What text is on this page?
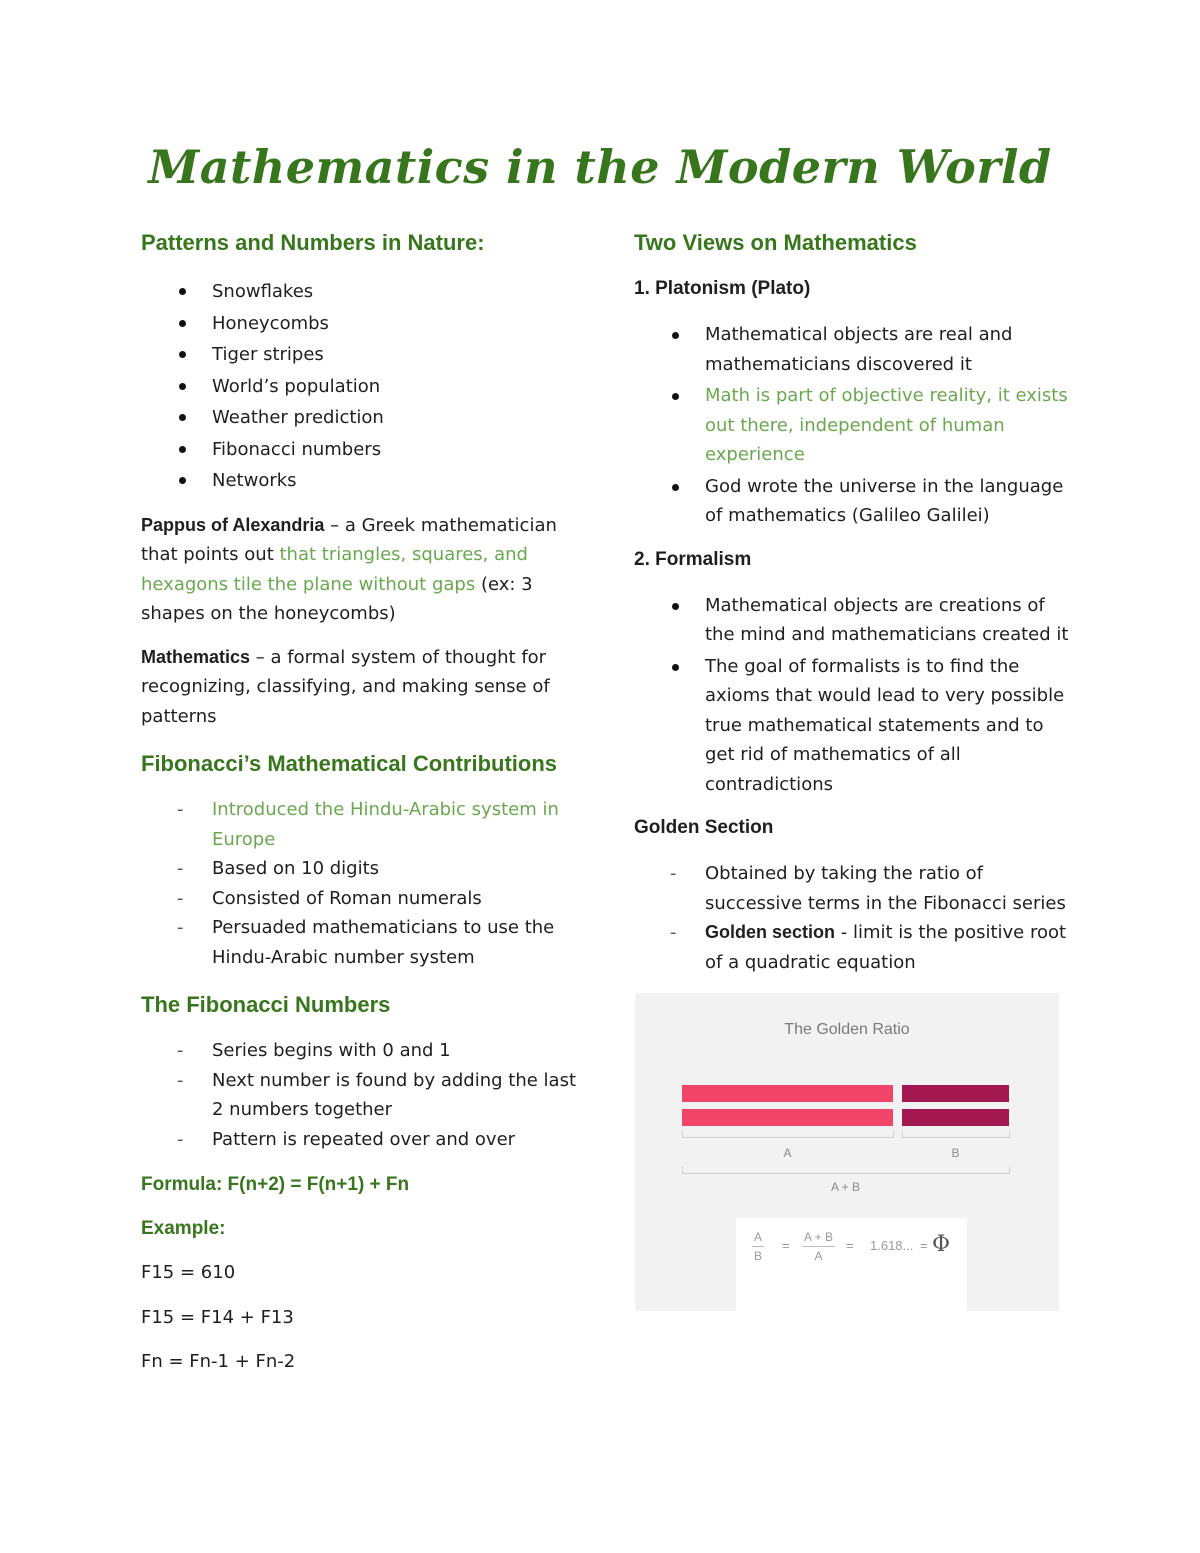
Mathematics in the Modern World
Patterns and Numbers in Nature:
Snowflakes
Honeycombs
Tiger stripes
World’s population
Weather prediction
Fibonacci numbers
Networks

Pappus of Alexandria – a Greek mathematician that points out that triangles, squares, and hexagons tile the plane without gaps (ex: 3 shapes on the honeycombs)

Mathematics – a formal system of thought for recognizing, classifying, and making sense of patterns

Fibonacci’s Mathematical Contributions
- Introduced the Hindu-Arabic system in Europe
- Based on 10 digits
- Consisted of Roman numerals
- Persuaded mathematicians to use the Hindu-Arabic number system
The Fibonacci Numbers
- Series begins with 0 and 1
- Next number is found by adding the last 2 numbers together
- Pattern is repeated over and over
Formula: F(n+2) = F(n+1) + Fn
Example:

F15 = 610

F15 = F14 + F13

Fn = Fn-1 + Fn-2

Two Views on Mathematics
1. Platonism (Plato)
Mathematical objects are real and mathematicians discovered it
Math is part of objective reality, it exists out there, independent of human experience
God wrote the universe in the language of mathematics (Galileo Galilei)
2. Formalism
Mathematical objects are creations of the mind and mathematicians created it
The goal of formalists is to find the axioms that would lead to very possible true mathematical statements and to get rid of mathematics of all contradictions
Golden Section
- Obtained by taking the ratio of successive terms in the Fibonacci series
- Golden section - limit is the positive root of a quadratic equation
The Golden Ratio
A	B
A + B
$\frac{A}{B} = \frac{A + B}{A} = 1.618$... = Φ
